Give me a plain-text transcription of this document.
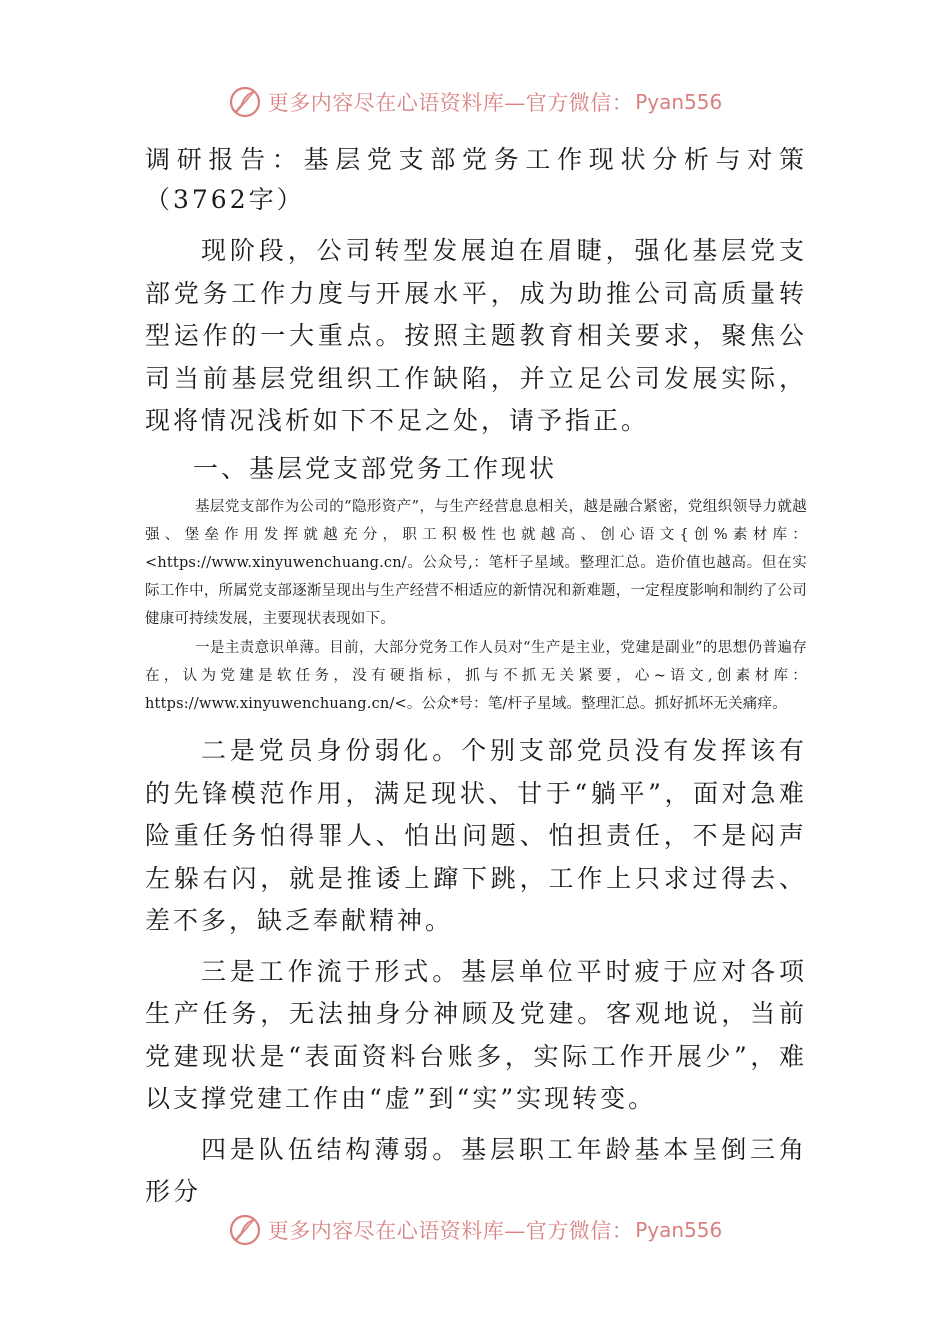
更多内容尽在心语资料库—官方微信： Pyan556
调研报告：基层党支部党务工作现状分析与对策（3762字）

现阶段，公司转型发展迫在眉睫，强化基层党支部党务工作力度与开展水平，成为助推公司高质量转型运作的一大重点。按照主题教育相关要求，聚焦公司当前基层党组织工作缺陷，并立足公司发展实际，现将情况浅析如下不足之处，请予指正。

一、基层党支部党务工作现状

基层党支部作为公司的“隐形资产”，与生产经营息息相关，越是融合紧密，党组织领导力就越强、堡垒作用发挥就越充分，职工积极性也就越高、创心语文{创%素材库：<https://www.xinyuwenchuang.cn/。公众号,：笔杆子星域。整理汇总。造价值也越高。但在实际工作中，所属党支部逐渐呈现出与生产经营不相适应的新情况和新难题，一定程度影响和制约了公司健康可持续发展，主要现状表现如下。

一是主责意识单薄。目前，大部分党务工作人员对“生产是主业，党建是副业”的思想仍普遍存在，认为党建是软任务，没有硬指标，抓与不抓无关紧要，心~语文,创素材库：https://www.xinyuwenchuang.cn/<。公众*号：笔/杆子星域。整理汇总。抓好抓坏无关痛痒。

二是党员身份弱化。个别支部党员没有发挥该有的先锋模范作用，满足现状、甘于“躺平”，面对急难险重任务怕得罪人、怕出问题、怕担责任，不是闷声左躲右闪，就是推诿上蹿下跳，工作上只求过得去、差不多，缺乏奉献精神。

三是工作流于形式。基层单位平时疲于应对各项生产任务，无法抽身分神顾及党建。客观地说，当前党建现状是“表面资料台账多，实际工作开展少”，难以支撑党建工作由“虚”到“实”实现转变。

四是队伍结构薄弱。基层职工年龄基本呈倒三角形分

更多内容尽在心语资料库—官方微信： Pyan556
